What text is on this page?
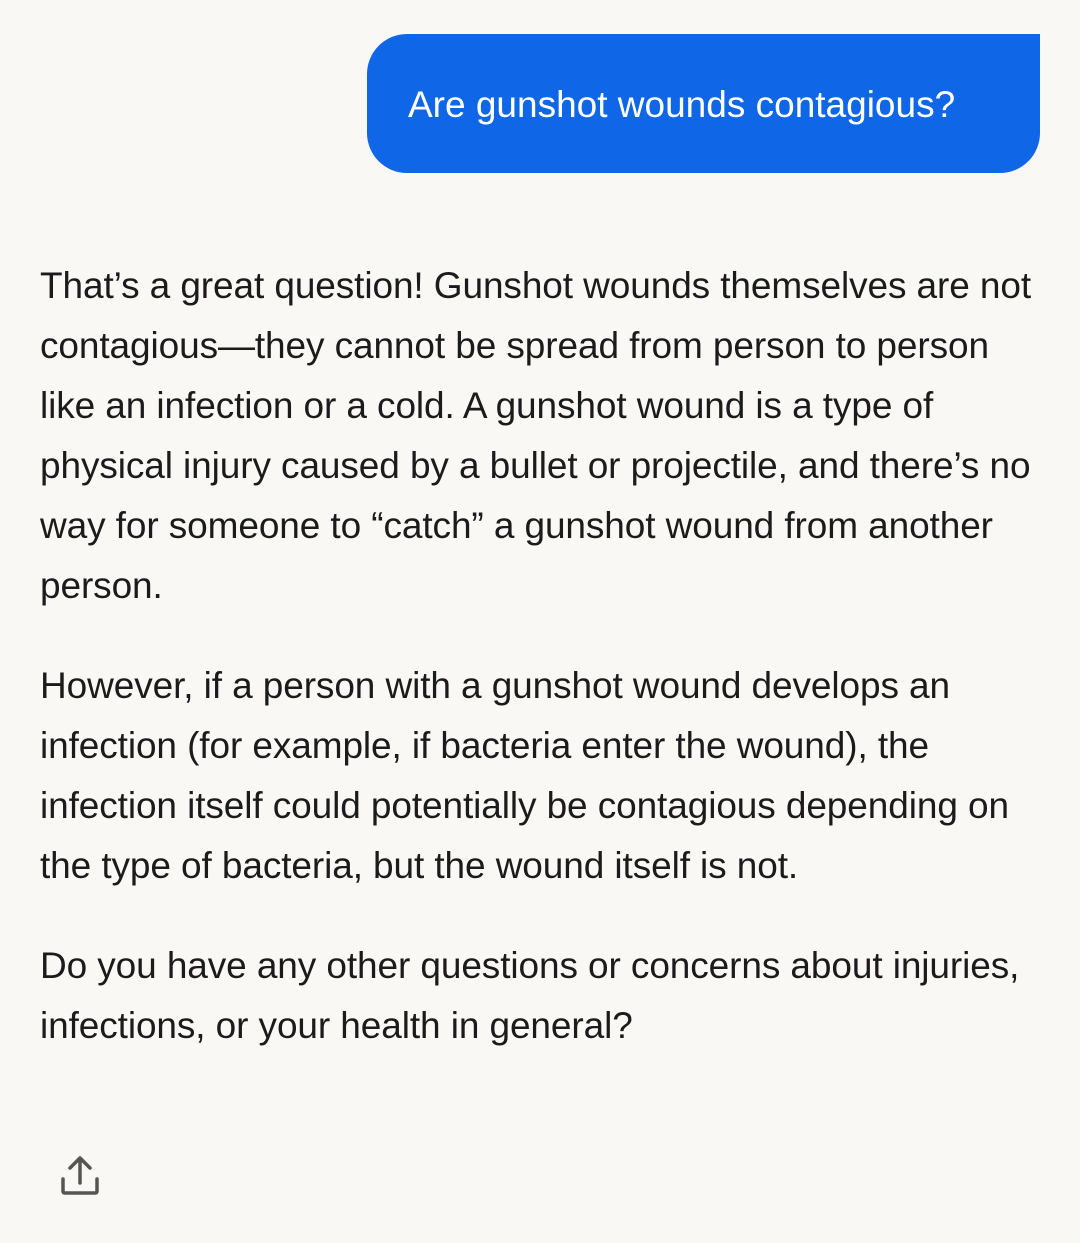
Are gunshot wounds contagious?

That’s a great question! Gunshot wounds themselves are not contagious—they cannot be spread from person to person like an infection or a cold. A gunshot wound is a type of physical injury caused by a bullet or projectile, and there’s no way for someone to “catch” a gunshot wound from another person.

However, if a person with a gunshot wound develops an infection (for example, if bacteria enter the wound), the infection itself could potentially be contagious depending on the type of bacteria, but the wound itself is not.

Do you have any other questions or concerns about injuries, infections, or your health in general?
